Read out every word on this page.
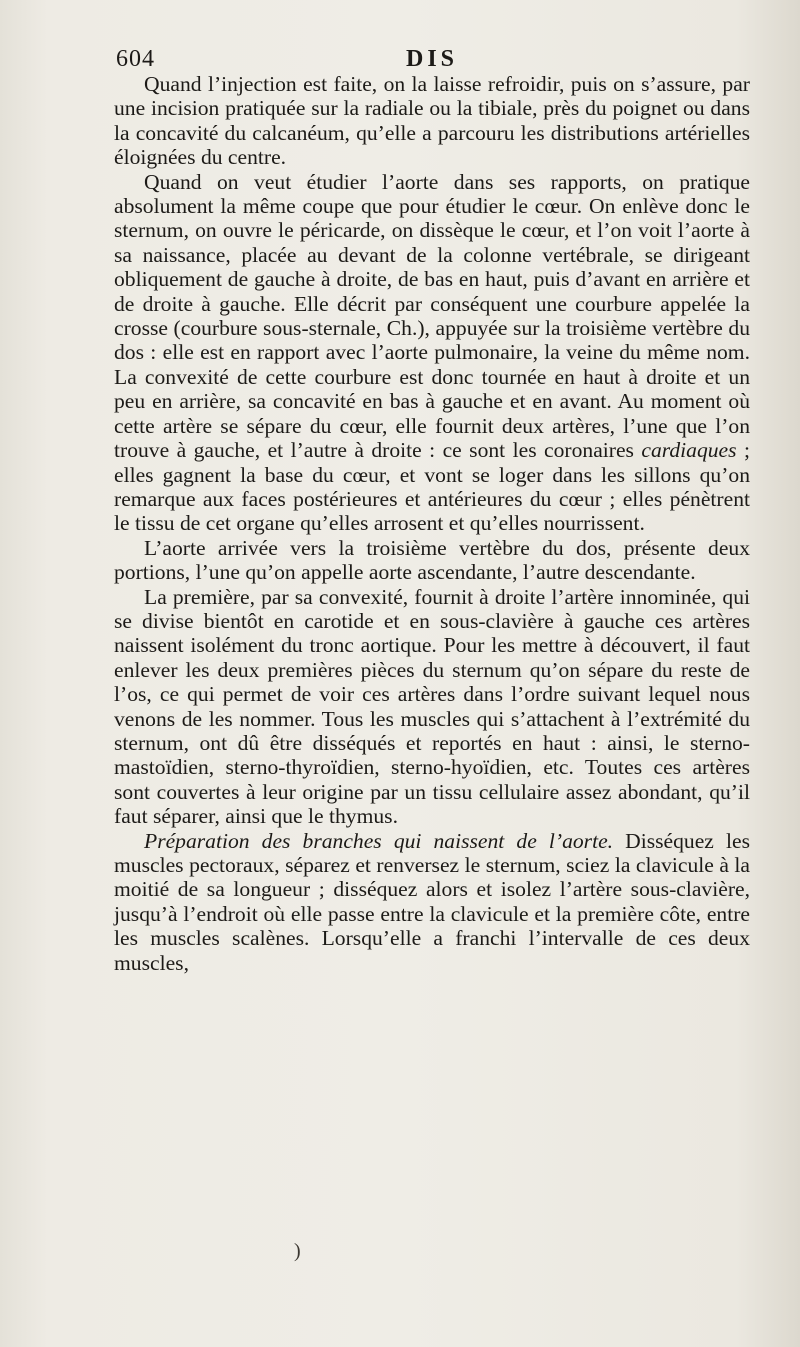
604	DIS

Quand l’injection est faite, on la laisse refroidir, puis on s’assure, par une incision pratiquée sur la radiale ou la tibiale, près du poignet ou dans la concavité du calcanéum, qu’elle a parcouru les distributions artérielles éloignées du centre.

Quand on veut étudier l’aorte dans ses rapports, on pratique absolument la même coupe que pour étudier le cœur. On enlève donc le sternum, on ouvre le péricarde, on dissèque le cœur, et l’on voit l’aorte à sa naissance, placée au devant de la colonne vertébrale, se dirigeant obliquement de gauche à droite, de bas en haut, puis d’avant en arrière et de droite à gauche. Elle décrit par conséquent une courbure appelée la crosse (courbure sous-sternale, Ch.), appuyée sur la troisième vertèbre du dos : elle est en rapport avec l’aorte pulmonaire, la veine du même nom. La convexité de cette courbure est donc tournée en haut à droite et un peu en arrière, sa concavité en bas à gauche et en avant. Au moment où cette artère se sépare du cœur, elle fournit deux artères, l’une que l’on trouve à gauche, et l’autre à droite : ce sont les coronaires cardiaques ; elles gagnent la base du cœur, et vont se loger dans les sillons qu’on remarque aux faces postérieures et antérieures du cœur ; elles pénètrent le tissu de cet organe qu’elles arrosent et qu’elles nourrissent.

L’aorte arrivée vers la troisième vertèbre du dos, présente deux portions, l’une qu’on appelle aorte ascendante, l’autre descendante.

La première, par sa convexité, fournit à droite l’artère innominée, qui se divise bientôt en carotide et en sous-clavière à gauche ces artères naissent isolément du tronc aortique. Pour les mettre à découvert, il faut enlever les deux premières pièces du sternum qu’on sépare du reste de l’os, ce qui permet de voir ces artères dans l’ordre suivant lequel nous venons de les nommer. Tous les muscles qui s’attachent à l’extrémité du sternum, ont dû être disséqués et reportés en haut : ainsi, le sterno-mastoïdien, sterno-thyroïdien, sterno-hyoïdien, etc. Toutes ces artères sont couvertes à leur origine par un tissu cellulaire assez abondant, qu’il faut séparer, ainsi que le thymus.

Préparation des branches qui naissent de l’aorte. Disséquez les muscles pectoraux, séparez et renversez le sternum, sciez la clavicule à la moitié de sa longueur ; disséquez alors et isolez l’artère sous-clavière, jusqu’à l’endroit où elle passe entre la clavicule et la première côte, entre les muscles scalènes. Lorsqu’elle a franchi l’intervalle de ces deux muscles,

)
